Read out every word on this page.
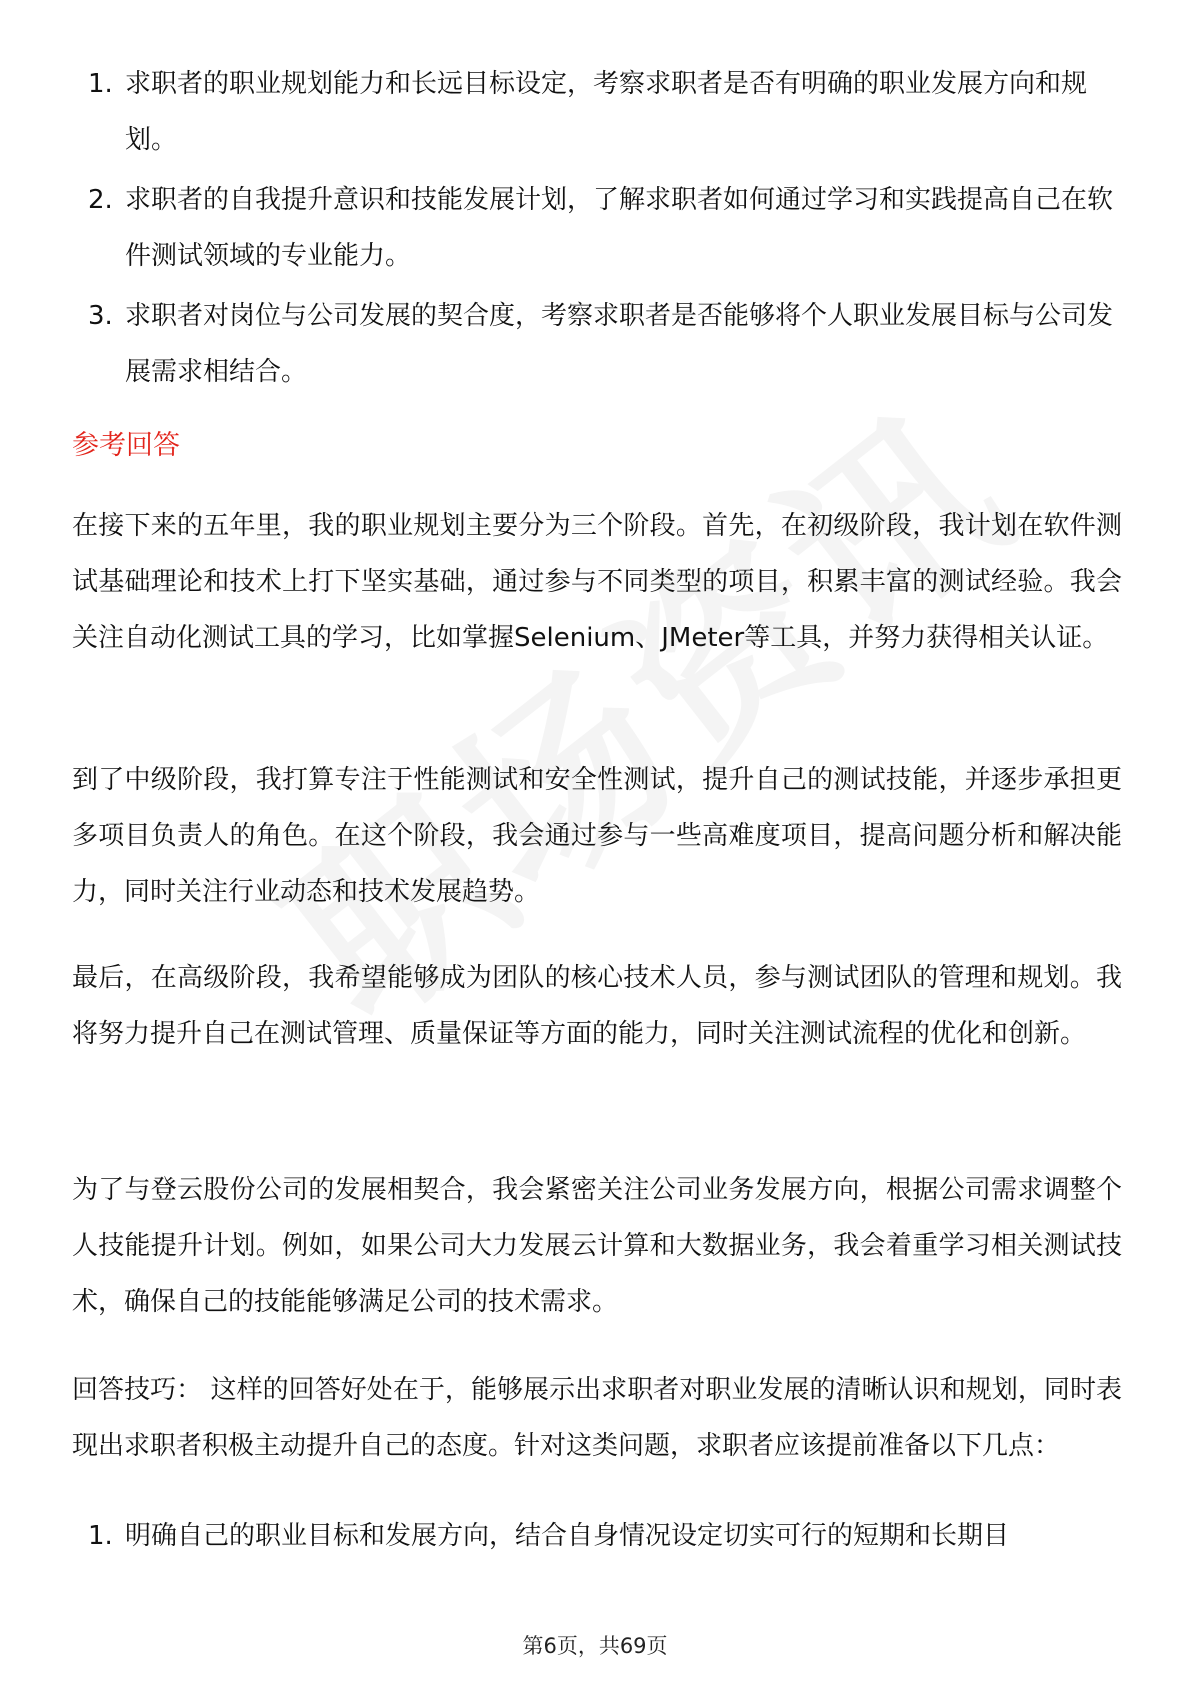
1. 求职者的职业规划能力和长远目标设定，考察求职者是否有明确的职业发展方向和规划。
2. 求职者的自我提升意识和技能发展计划，了解求职者如何通过学习和实践提高自己在软件测试领域的专业能力。
3. 求职者对岗位与公司发展的契合度，考察求职者是否能够将个人职业发展目标与公司发展需求相结合。
参考回答

在接下来的五年里，我的职业规划主要分为三个阶段。首先，在初级阶段，我计划在软件测试基础理论和技术上打下坚实基础，通过参与不同类型的项目，积累丰富的测试经验。我会关注自动化测试工具的学习，比如掌握Selenium、JMeter等工具，并努力获得相关认证。

到了中级阶段，我打算专注于性能测试和安全性测试，提升自己的测试技能，并逐步承担更多项目负责人的角色。在这个阶段，我会通过参与一些高难度项目，提高问题分析和解决能力，同时关注行业动态和技术发展趋势。

最后，在高级阶段，我希望能够成为团队的核心技术人员，参与测试团队的管理和规划。我将努力提升自己在测试管理、质量保证等方面的能力，同时关注测试流程的优化和创新。

为了与登云股份公司的发展相契合，我会紧密关注公司业务发展方向，根据公司需求调整个人技能提升计划。例如，如果公司大力发展云计算和大数据业务，我会着重学习相关测试技术，确保自己的技能能够满足公司的技术需求。

回答技巧： 这样的回答好处在于，能够展示出求职者对职业发展的清晰认识和规划，同时表现出求职者积极主动提升自己的态度。针对这类问题，求职者应该提前准备以下几点：

1. 明确自己的职业目标和发展方向，结合自身情况设定切实可行的短期和长期目
第6页，共69页
